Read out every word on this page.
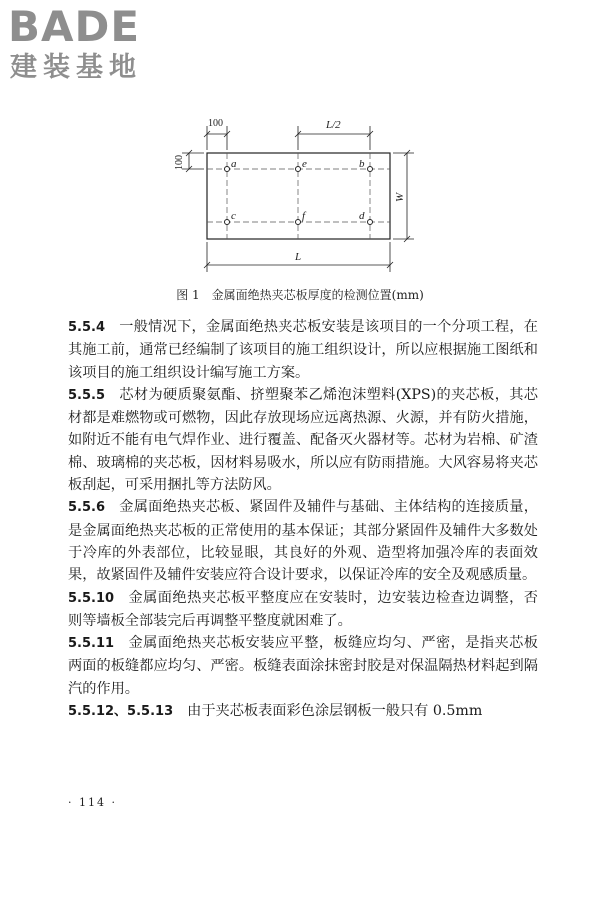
BADE
建装基地
a	e	b
c	f	d
100	L/2
100
W
L
图 1　金属面绝热夹芯板厚度的检测位置(mm)

5.5.4 一般情况下，金属面绝热夹芯板安装是该项目的一个分项工程，在其施工前，通常已经编制了该项目的施工组织设计，所以应根据施工图纸和该项目的施工组织设计编写施工方案。

5.5.5 芯材为硬质聚氨酯、挤塑聚苯乙烯泡沫塑料(XPS)的夹芯板，其芯材都是难燃物或可燃物，因此存放现场应远离热源、火源，并有防火措施，如附近不能有电气焊作业、进行覆盖、配备灭火器材等。芯材为岩棉、矿渣棉、玻璃棉的夹芯板，因材料易吸水，所以应有防雨措施。大风容易将夹芯板刮起，可采用捆扎等方法防风。

5.5.6 金属面绝热夹芯板、紧固件及辅件与基础、主体结构的连接质量，是金属面绝热夹芯板的正常使用的基本保证；其部分紧固件及辅件大多数处于冷库的外表部位，比较显眼，其良好的外观、造型将加强冷库的表面效果，故紧固件及辅件安装应符合设计要求，以保证冷库的安全及观感质量。

5.5.10 金属面绝热夹芯板平整度应在安装时，边安装边检查边调整，否则等墙板全部装完后再调整平整度就困难了。

5.5.11 金属面绝热夹芯板安装应平整，板缝应均匀、严密，是指夹芯板两面的板缝都应均匀、严密。板缝表面涂抹密封胶是对保温隔热材料起到隔汽的作用。

5.5.12、5.5.13 由于夹芯板表面彩色涂层钢板一般只有 0.5mm

· 114 ·
